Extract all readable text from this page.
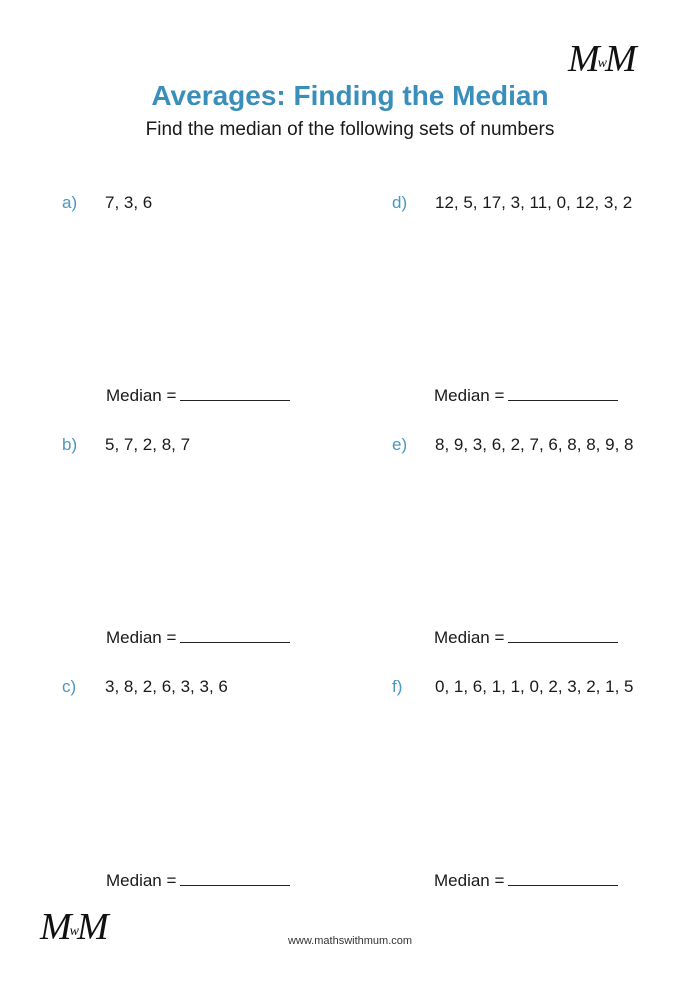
MwM
Averages: Finding the Median
Find the median of the following sets of numbers
a) 7, 3, 6
Median =
b) 5, 7, 2, 8, 7
Median =
c) 3, 8, 2, 6, 3, 3, 6
Median =
d) 12, 5, 17, 3, 11, 0, 12, 3, 2
Median =
e) 8, 9, 3, 6, 2, 7, 6, 8, 8, 9, 8
Median =
f) 0, 1, 6, 1, 1, 0, 2, 3, 2, 1, 5
Median =
MwM	www.mathswithmum.com
